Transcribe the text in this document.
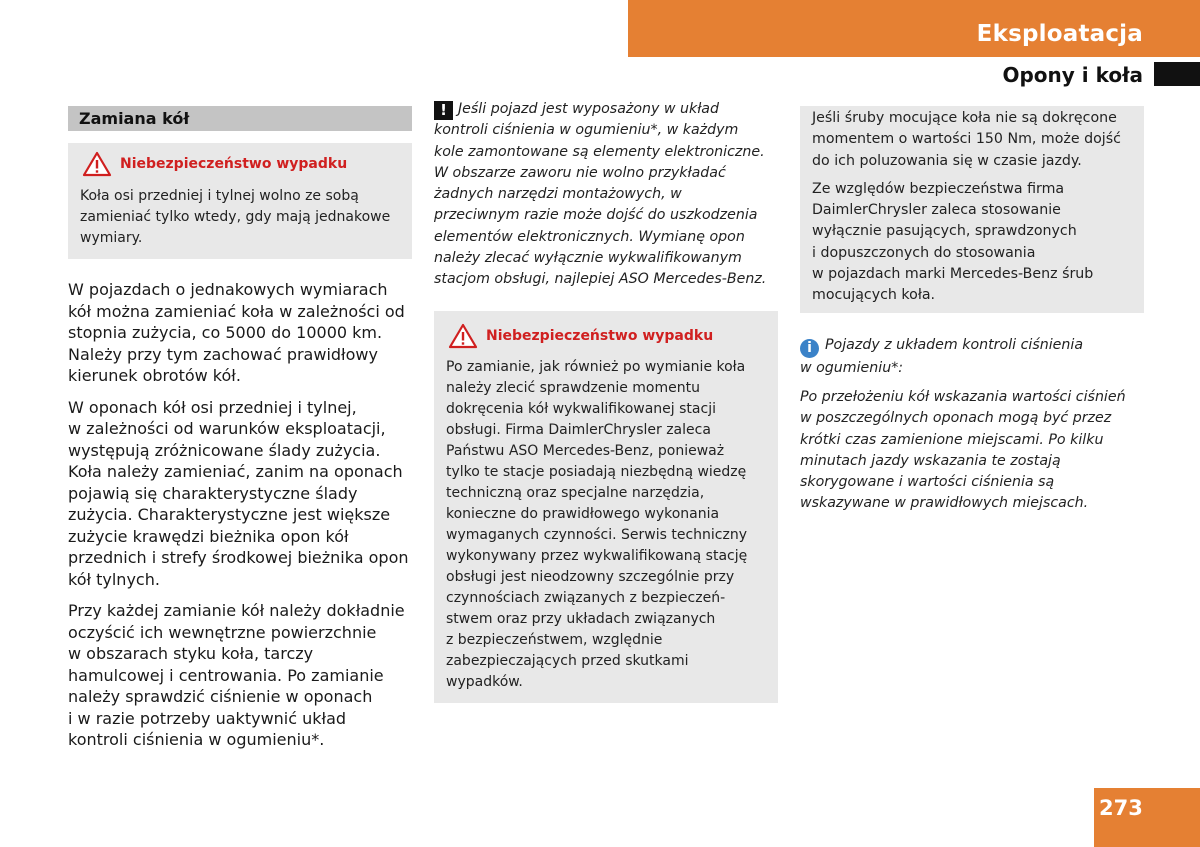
Eksploatacja
Opony i koła
Zamiana kół
Niebezpieczeństwo wypadku
Koła osi przedniej i tylnej wolno ze sobą
zamieniać tylko wtedy, gdy mają jednakowe
wymiary.
W pojazdach o jednakowych wymiarach
kół można zamieniać koła w zależności od
stopnia zużycia, co 5000 do 10000 km.
Należy przy tym zachować prawidłowy
kierunek obrotów kół.
W oponach kół osi przedniej i tylnej,
w zależności od warunków eksploatacji,
występują zróżnicowane ślady zużycia.
Koła należy zamieniać, zanim na oponach
pojawią się charakterystyczne ślady
zużycia. Charakterystyczne jest większe
zużycie krawędzi bieżnika opon kół
przednich i strefy środkowej bieżnika opon
kół tylnych.
Przy każdej zamianie kół należy dokładnie
oczyścić ich wewnętrzne powierzchnie
w obszarach styku koła, tarczy
hamulcowej i centrowania. Po zamianie
należy sprawdzić ciśnienie w oponach
i w razie potrzeby uaktywnić układ
kontroli ciśnienia w ogumieniu*.
! Jeśli pojazd jest wyposażony w układ
kontroli ciśnienia w ogumieniu*, w każdym
kole zamontowane są elementy elektroniczne.
W obszarze zaworu nie wolno przykładać
żadnych narzędzi montażowych, w
przeciwnym razie może dojść do uszkodzenia
elementów elektronicznych. Wymianę opon
należy zlecać wyłącznie wykwalifikowanym
stacjom obsługi, najlepiej ASO Mercedes-Benz.
Niebezpieczeństwo wypadku
Po zamianie, jak również po wymianie koła
należy zlecić sprawdzenie momentu
dokręcenia kół wykwalifikowanej stacji
obsługi. Firma DaimlerChrysler zaleca
Państwu ASO Mercedes-Benz, ponieważ
tylko te stacje posiadają niezbędną wiedzę
techniczną oraz specjalne narzędzia,
konieczne do prawidłowego wykonania
wymaganych czynności. Serwis techniczny
wykonywany przez wykwalifikowaną stację
obsługi jest nieodzowny szczególnie przy
czynnościach związanych z bezpieczeń-
stwem oraz przy układach związanych
z bezpieczeństwem, względnie
zabezpieczających przed skutkami
wypadków.
Jeśli śruby mocujące koła nie są dokręcone
momentem o wartości 150 Nm, może dojść
do ich poluzowania się w czasie jazdy.
Ze względów bezpieczeństwa firma
DaimlerChrysler zaleca stosowanie
wyłącznie pasujących, sprawdzonych
i dopuszczonych do stosowania
w pojazdach marki Mercedes-Benz śrub
mocujących koła.
i Pojazdy z układem kontroli ciśnienia
w ogumieniu*:
Po przełożeniu kół wskazania wartości ciśnień
w poszczególnych oponach mogą być przez
krótki czas zamienione miejscami. Po kilku
minutach jazdy wskazania te zostają
skorygowane i wartości ciśnienia są
wskazywane w prawidłowych miejscach.
273
